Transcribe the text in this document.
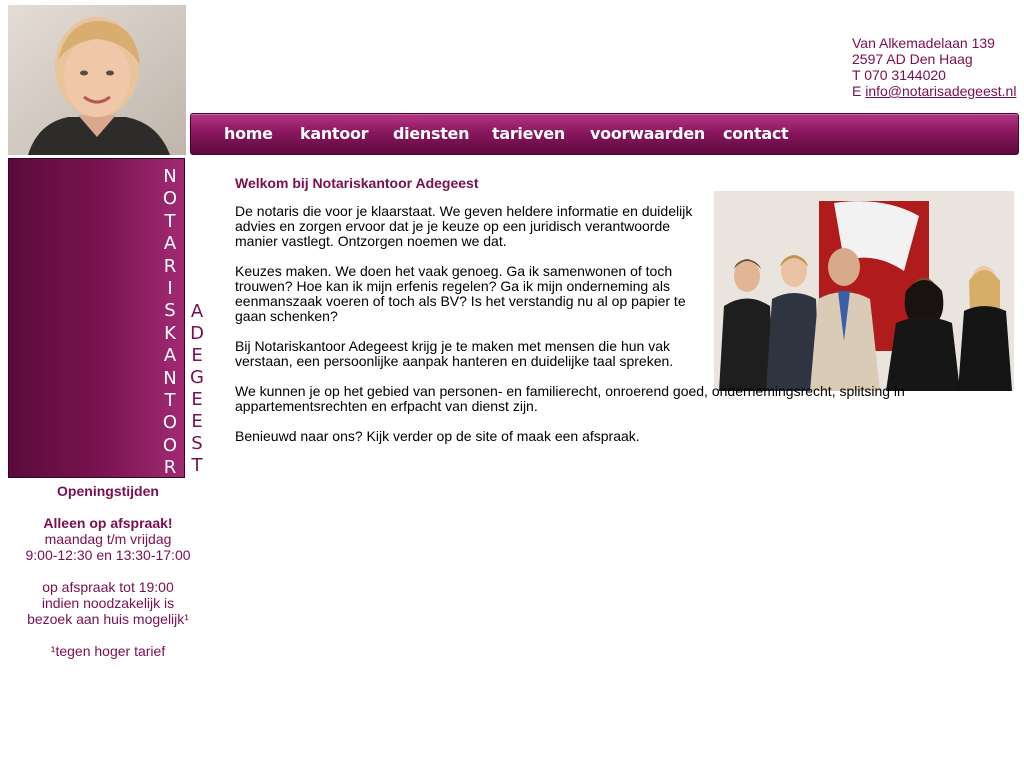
Van Alkemadelaan 139
2597 AD Den Haag
T 070 3144020
E info@notarisadegeest.nl
home kantoor diensten tarieven voorwaarden contact
N
O
T
A
R
I
S
K
A
N
T
O
O
R
A
D
E
G
E
E
S
T

Openingstijden

Alleen op afspraak!

maandag t/m vrijdag

9:00-12:30 en 13:30-17:00

op afspraak tot 19:00

indien noodzakelijk is

bezoek aan huis mogelijk¹

¹tegen hoger tarief

Welkom bij Notariskantoor Adegeest

De notaris die voor je klaarstaat. We geven heldere informatie en duidelijk advies en zorgen ervoor dat je je keuze op een juridisch verantwoorde manier vastlegt. Ontzorgen noemen we dat.

Keuzes maken. We doen het vaak genoeg. Ga ik samenwonen of toch trouwen? Hoe kan ik mijn erfenis regelen? Ga ik mijn onderneming als eenmanszaak voeren of toch als BV? Is het verstandig nu al op papier te gaan schenken?

Bij Notariskantoor Adegeest krijg je te maken met mensen die hun vak verstaan, een persoonlijke aanpak hanteren en duidelijke taal spreken.

We kunnen je op het gebied van personen- en familierecht, onroerend goed, ondernemingsrecht, splitsing in appartementsrechten en erfpacht van dienst zijn.

Benieuwd naar ons? Kijk verder op de site of maak een afspraak.
